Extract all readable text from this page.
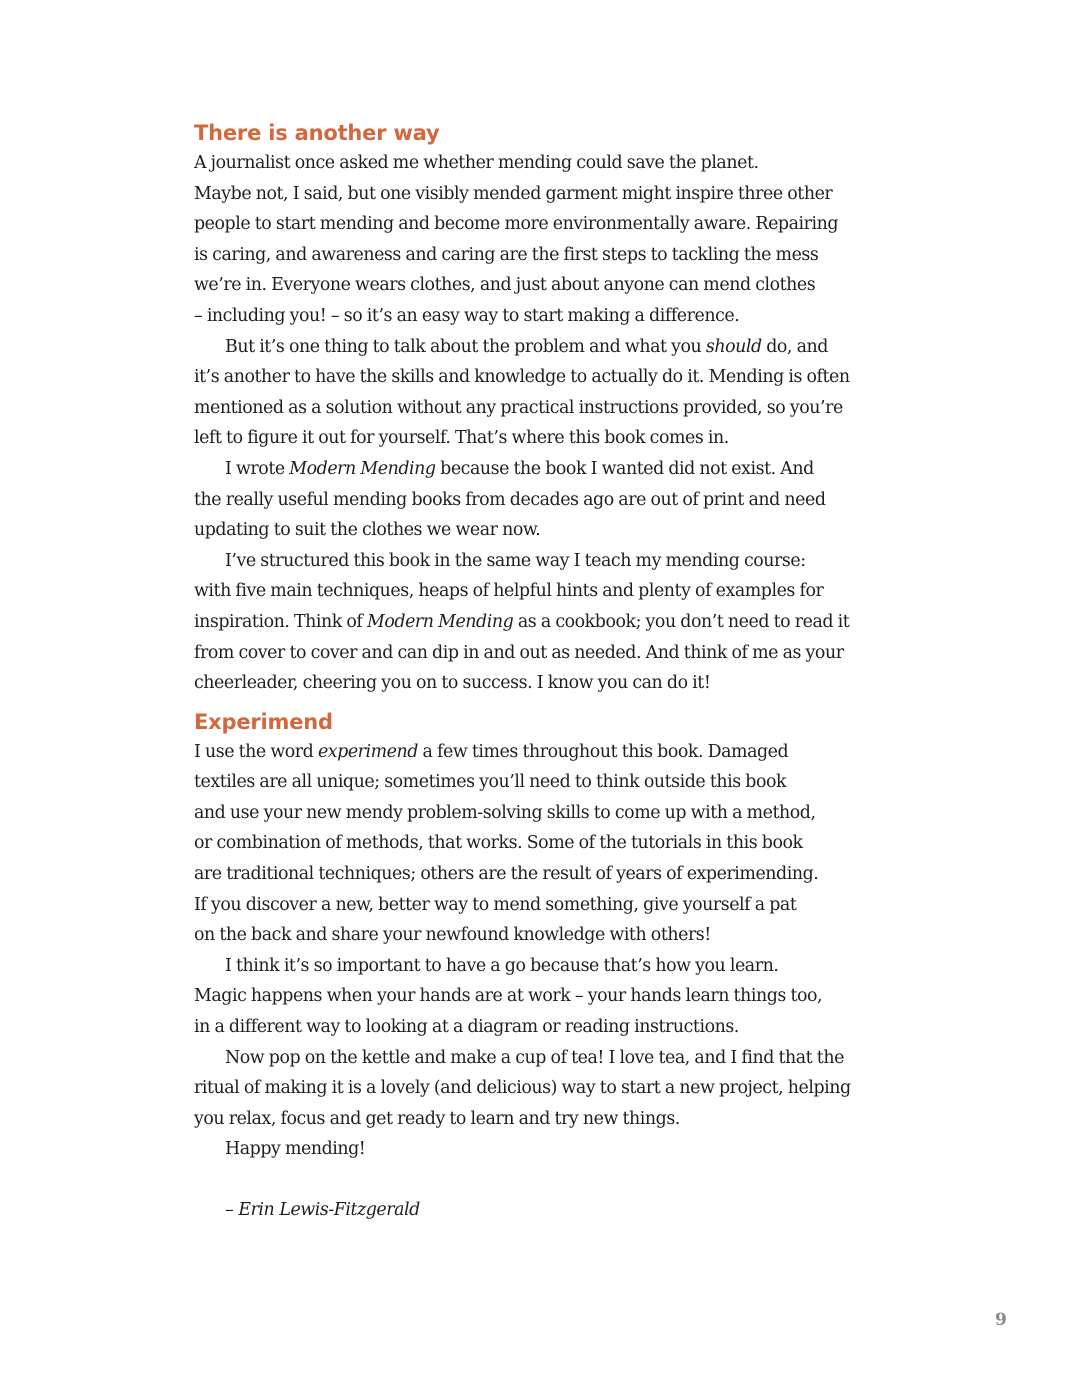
There is another way
A journalist once asked me whether mending could save the planet.
Maybe not, I said, but one visibly mended garment might inspire three other
people to start mending and become more environmentally aware. Repairing
is caring, and awareness and caring are the first steps to tackling the mess
we’re in. Everyone wears clothes, and just about anyone can mend clothes
– including you! – so it’s an easy way to start making a difference.
But it’s one thing to talk about the problem and what you should do, and
it’s another to have the skills and knowledge to actually do it. Mending is often
mentioned as a solution without any practical instructions provided, so you’re
left to figure it out for yourself. That’s where this book comes in.
I wrote Modern Mending because the book I wanted did not exist. And
the really useful mending books from decades ago are out of print and need
updating to suit the clothes we wear now.
I’ve structured this book in the same way I teach my mending course:
with five main techniques, heaps of helpful hints and plenty of examples for
inspiration. Think of Modern Mending as a cookbook; you don’t need to read it
from cover to cover and can dip in and out as needed. And think of me as your
cheerleader, cheering you on to success. I know you can do it!
Experimend
I use the word experimend a few times throughout this book. Damaged
textiles are all unique; sometimes you’ll need to think outside this book
and use your new mendy problem-solving skills to come up with a method,
or combination of methods, that works. Some of the tutorials in this book
are traditional techniques; others are the result of years of experimending.
If you discover a new, better way to mend something, give yourself a pat
on the back and share your newfound knowledge with others!
I think it’s so important to have a go because that’s how you learn.
Magic happens when your hands are at work – your hands learn things too,
in a different way to looking at a diagram or reading instructions.
Now pop on the kettle and make a cup of tea! I love tea, and I find that the
ritual of making it is a lovely (and delicious) way to start a new project, helping
you relax, focus and get ready to learn and try new things.
Happy mending!
– Erin Lewis-Fitzgerald
9
